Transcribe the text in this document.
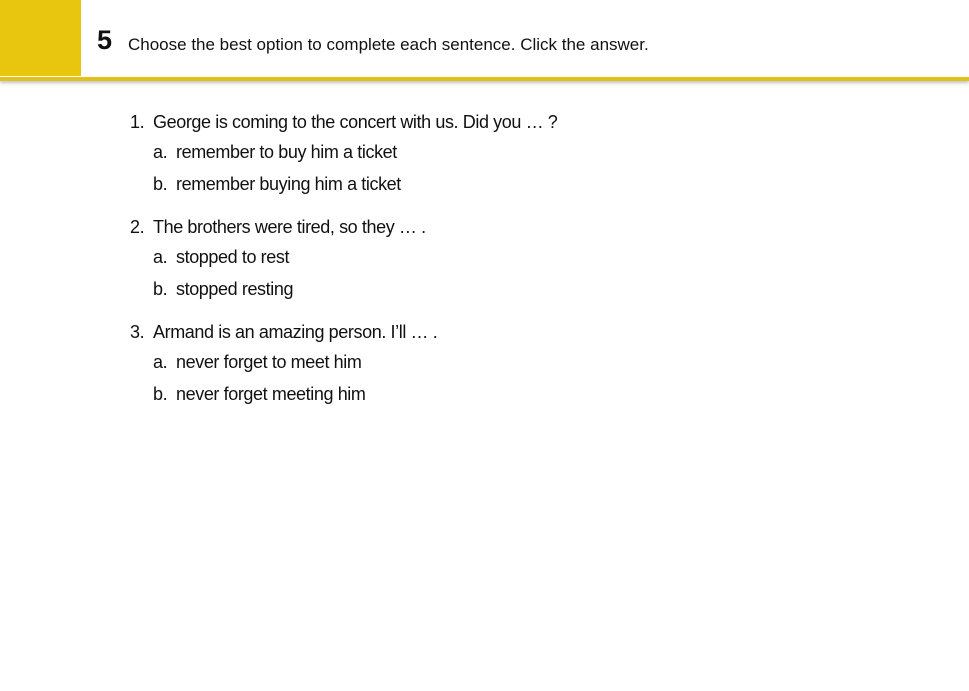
5 Choose the best option to complete each sentence. Click the answer.
1. George is coming to the concert with us. Did you … ?
a. remember to buy him a ticket
b. remember buying him a ticket
2. The brothers were tired, so they … .
a. stopped to rest
b. stopped resting
3. Armand is an amazing person. I’ll … .
a. never forget to meet him
b. never forget meeting him
